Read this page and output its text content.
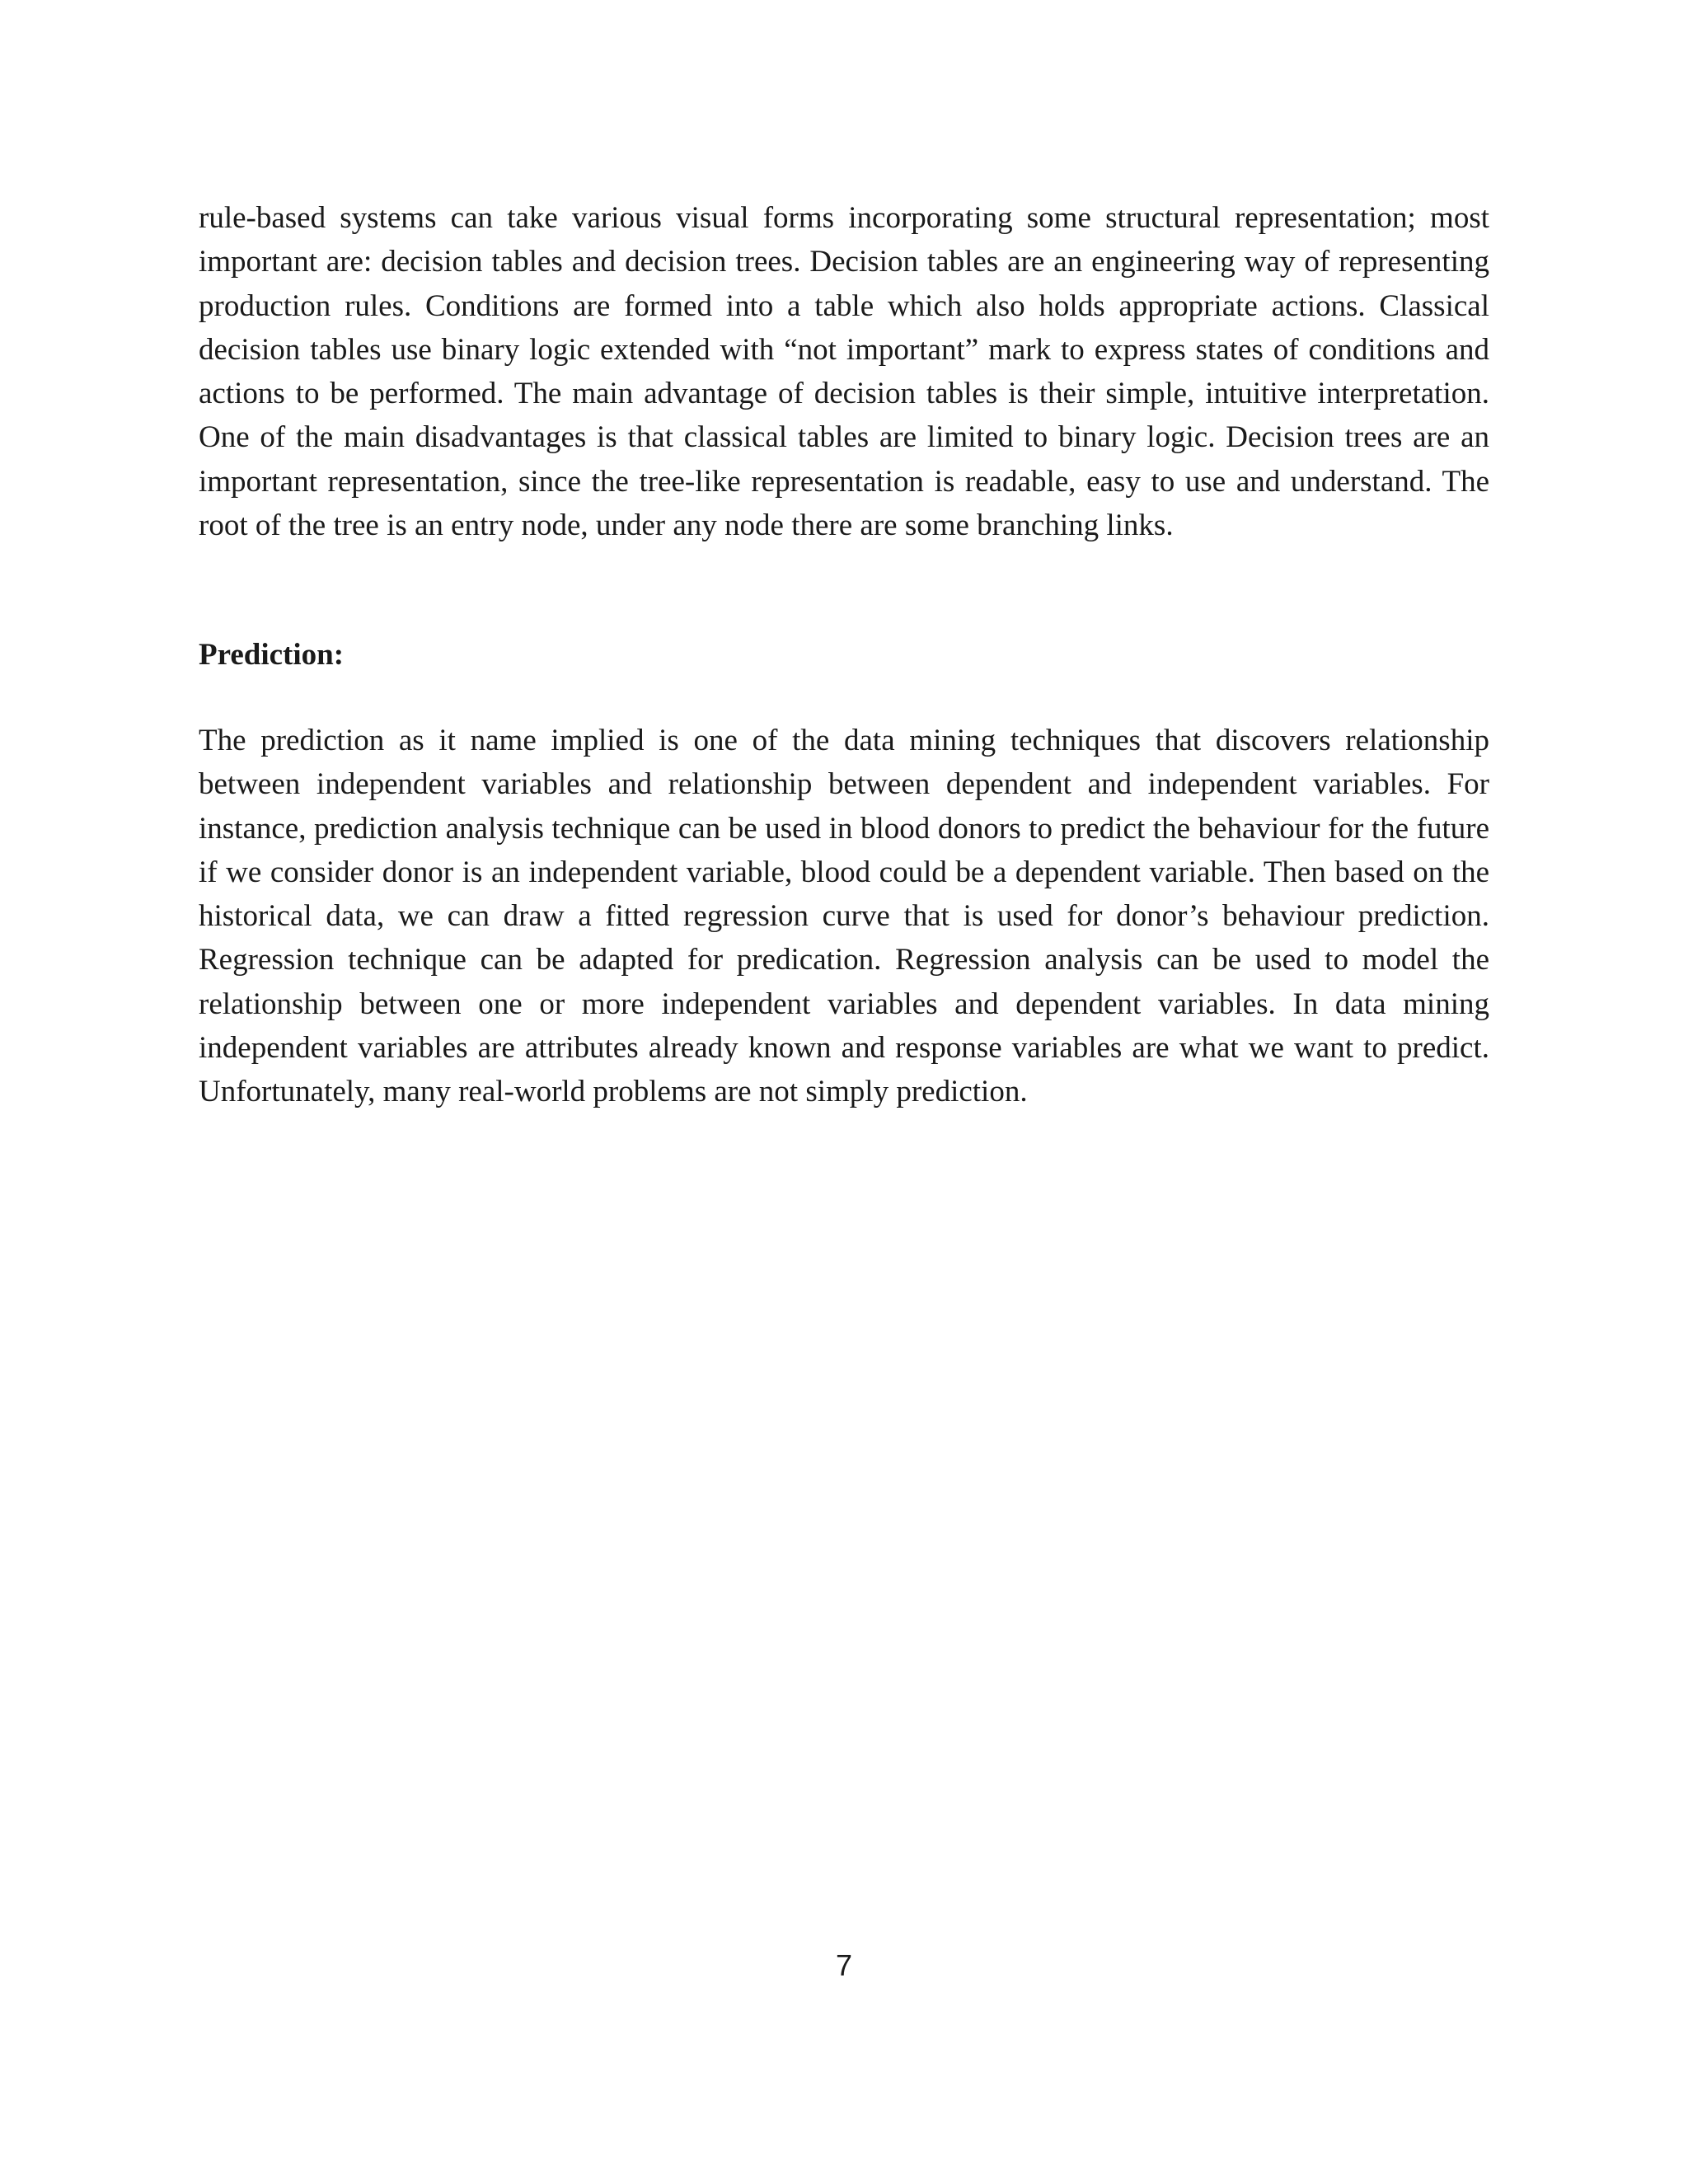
rule-based systems can take various visual forms incorporating some structural representation; most important are: decision tables and decision trees. Decision tables are an engineering way of representing production rules. Conditions are formed into a table which also holds appropriate actions. Classical decision tables use binary logic extended with “not important” mark to express states of conditions and actions to be performed. The main advantage of decision tables is their simple, intuitive interpretation. One of the main disadvantages is that classical tables are limited to binary logic. Decision trees are an important representation, since the tree-like representation is readable, easy to use and understand. The root of the tree is an entry node, under any node there are some branching links.

Prediction:

The prediction as it name implied is one of the data mining techniques that discovers relationship between independent variables and relationship between dependent and independent variables. For instance, prediction analysis technique can be used in blood donors to predict the behaviour for the future if we consider donor is an independent variable, blood could be a dependent variable. Then based on the historical data, we can draw a fitted regression curve that is used for donor’s behaviour prediction. Regression technique can be adapted for predication. Regression analysis can be used to model the relationship between one or more independent variables and dependent variables. In data mining independent variables are attributes already known and response variables are what we want to predict. Unfortunately, many real-world problems are not simply prediction.

7
